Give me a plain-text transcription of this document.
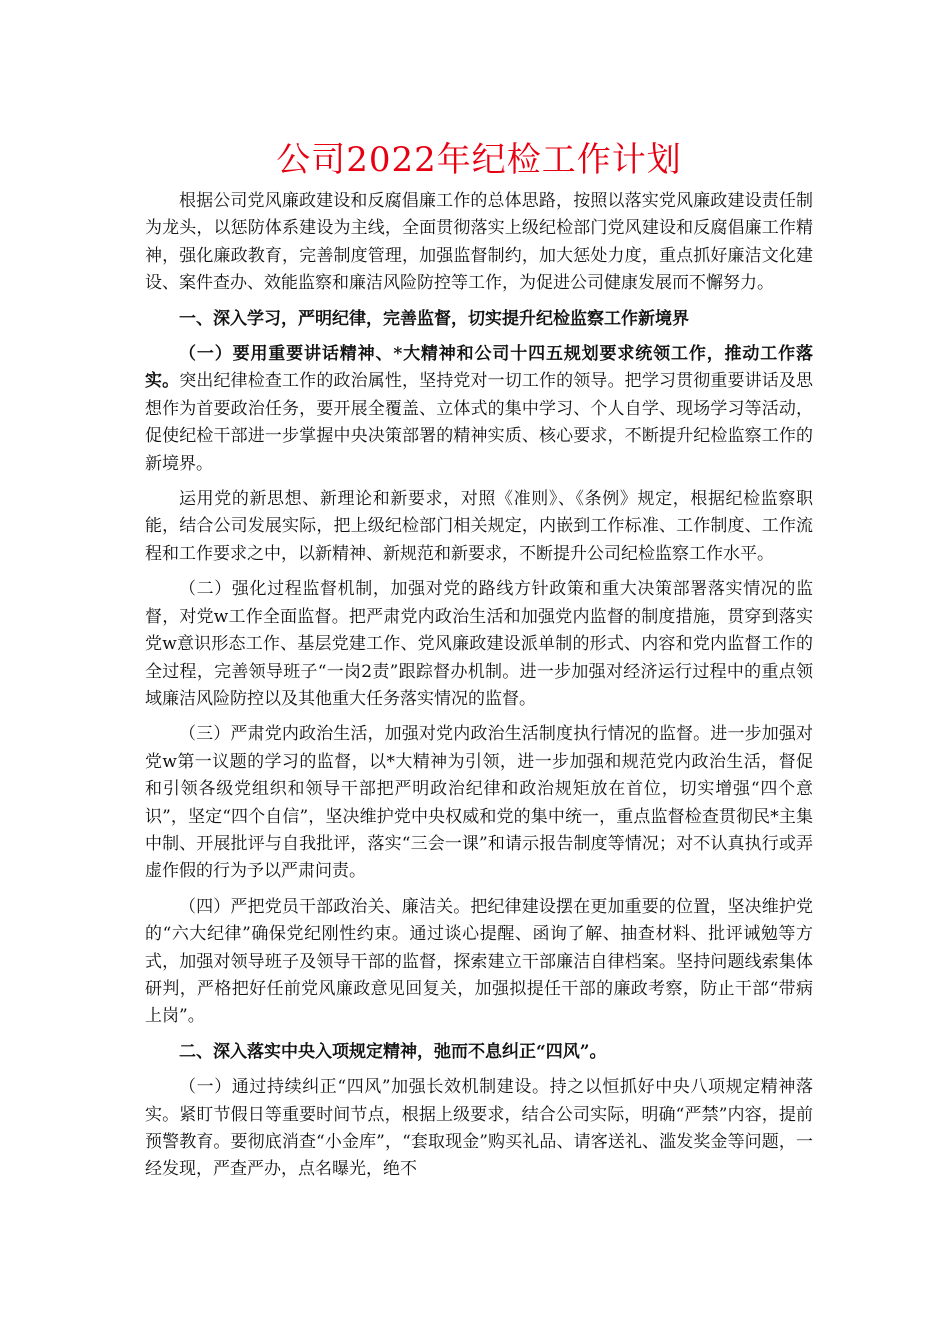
公司2022年纪检工作计划

根据公司党风廉政建设和反腐倡廉工作的总体思路，按照以落实党风廉政建设责任制为龙头，以惩防体系建设为主线，全面贯彻落实上级纪检部门党风建设和反腐倡廉工作精神，强化廉政教育，完善制度管理，加强监督制约，加大惩处力度，重点抓好廉洁文化建设、案件查办、效能监察和廉洁风险防控等工作，为促进公司健康发展而不懈努力。

一、深入学习，严明纪律，完善监督，切实提升纪检监察工作新境界

（一）要用重要讲话精神、*大精神和公司十四五规划要求统领工作，推动工作落实。突出纪律检查工作的政治属性，坚持党对一切工作的领导。把学习贯彻重要讲话及思想作为首要政治任务，要开展全覆盖、立体式的集中学习、个人自学、现场学习等活动，促使纪检干部进一步掌握中央决策部署的精神实质、核心要求，不断提升纪检监察工作的新境界。

运用党的新思想、新理论和新要求，对照《准则》、《条例》规定，根据纪检监察职能，结合公司发展实际，把上级纪检部门相关规定，内嵌到工作标准、工作制度、工作流程和工作要求之中，以新精神、新规范和新要求，不断提升公司纪检监察工作水平。

（二）强化过程监督机制，加强对党的路线方针政策和重大决策部署落实情况的监督，对党w工作全面监督。把严肃党内政治生活和加强党内监督的制度措施，贯穿到落实党w意识形态工作、基层党建工作、党风廉政建设派单制的形式、内容和党内监督工作的全过程，完善领导班子“一岗2责”跟踪督办机制。进一步加强对经济运行过程中的重点领域廉洁风险防控以及其他重大任务落实情况的监督。

（三）严肃党内政治生活，加强对党内政治生活制度执行情况的监督。进一步加强对党w第一议题的学习的监督，以*大精神为引领，进一步加强和规范党内政治生活，督促和引领各级党组织和领导干部把严明政治纪律和政治规矩放在首位，切实增强“四个意识”，坚定“四个自信”，坚决维护党中央权威和党的集中统一，重点监督检查贯彻民*主集中制、开展批评与自我批评，落实“三会一课”和请示报告制度等情况；对不认真执行或弄虚作假的行为予以严肃问责。

（四）严把党员干部政治关、廉洁关。把纪律建设摆在更加重要的位置，坚决维护党的“六大纪律”确保党纪刚性约束。通过谈心提醒、函询了解、抽查材料、批评诫勉等方式，加强对领导班子及领导干部的监督，探索建立干部廉洁自律档案。坚持问题线索集体研判，严格把好任前党风廉政意见回复关，加强拟提任干部的廉政考察，防止干部“带病上岗”。

二、深入落实中央入项规定精神，弛而不息纠正“四风”。

（一）通过持续纠正“四风”加强长效机制建设。持之以恒抓好中央八项规定精神落实。紧盯节假日等重要时间节点，根据上级要求，结合公司实际，明确“严禁”内容，提前预警教育。要彻底消查“小金库”，“套取现金”购买礼品、请客送礼、滥发奖金等问题，一经发现，严查严办，点名曝光，绝不
